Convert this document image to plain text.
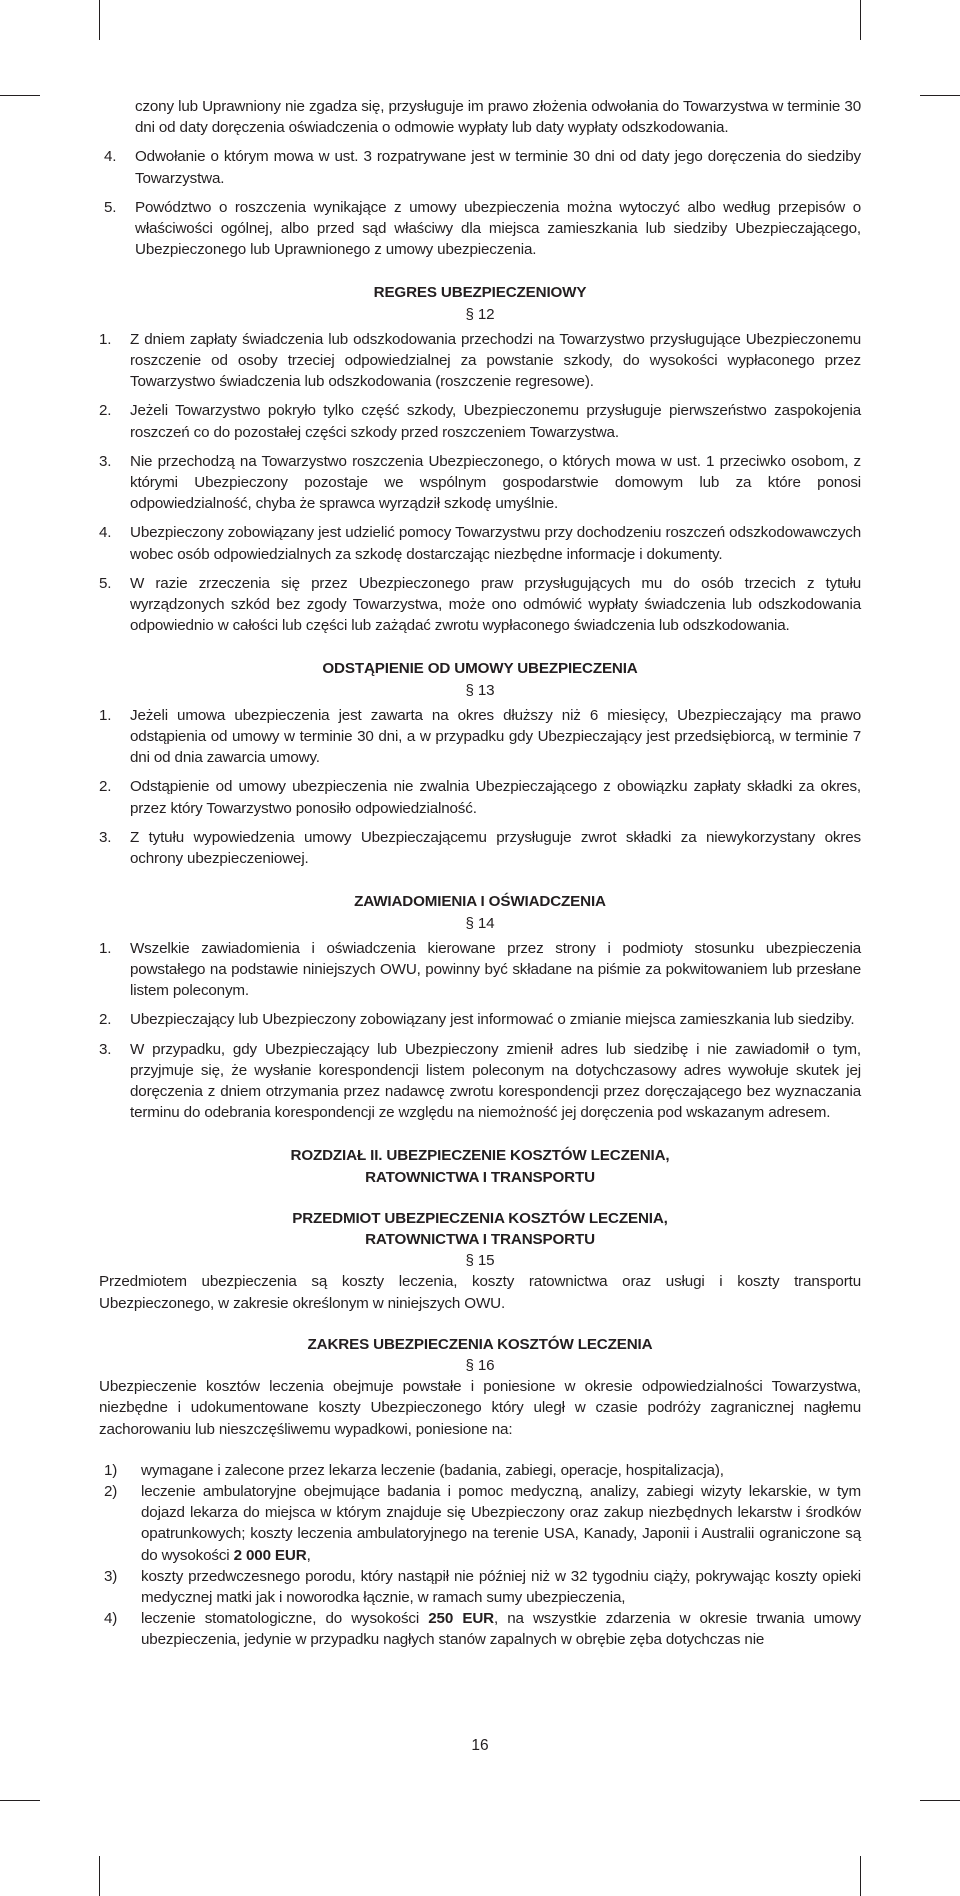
czony lub Uprawniony nie zgadza się, przysługuje im prawo złożenia odwołania do Towarzystwa w terminie 30 dni od daty doręczenia oświadczenia o odmowie wypłaty lub daty wypłaty odszkodowania.

4.	Odwołanie o którym mowa w ust. 3 rozpatrywane jest w terminie 30 dni od daty jego doręczenia do siedziby Towarzystwa.
5.	Powództwo o roszczenia wynikające z umowy ubezpieczenia można wytoczyć albo według przepisów o właściwości ogólnej, albo przed sąd właściwy dla miejsca zamieszkania lub siedziby Ubezpieczającego, Ubezpieczonego lub Uprawnionego z umowy ubezpieczenia.

REGRES UBEZPIECZENIOWY

§ 12

1.	Z dniem zapłaty świadczenia lub odszkodowania przechodzi na Towarzystwo przysługujące Ubezpieczonemu roszczenie od osoby trzeciej odpowiedzialnej za powstanie szkody, do wysokości wypłaconego przez Towarzystwo świadczenia lub odszkodowania (roszczenie regresowe).
2.	Jeżeli Towarzystwo pokryło tylko część szkody, Ubezpieczonemu przysługuje pierwszeństwo zaspokojenia roszczeń co do pozostałej części szkody przed roszczeniem Towarzystwa.
3.	Nie przechodzą na Towarzystwo roszczenia Ubezpieczonego, o których mowa w ust. 1 przeciwko osobom, z którymi Ubezpieczony pozostaje we wspólnym gospodarstwie domowym lub za które ponosi odpowiedzialność, chyba że sprawca wyrządził szkodę umyślnie.
4.	Ubezpieczony zobowiązany jest udzielić pomocy Towarzystwu przy dochodzeniu roszczeń odszkodowawczych wobec osób odpowiedzialnych za szkodę dostarczając niezbędne informacje i dokumenty.
5.	W razie zrzeczenia się przez Ubezpieczonego praw przysługujących mu do osób trzecich z tytułu wyrządzonych szkód bez zgody Towarzystwa, może ono odmówić wypłaty świadczenia lub odszkodowania odpowiednio w całości lub części lub zażądać zwrotu wypłaconego świadczenia lub odszkodowania.

ODSTĄPIENIE OD UMOWY UBEZPIECZENIA

§ 13

1.	Jeżeli umowa ubezpieczenia jest zawarta na okres dłuższy niż 6 miesięcy, Ubezpieczający ma prawo odstąpienia od umowy w terminie 30 dni, a w przypadku gdy Ubezpieczający jest przedsiębiorcą, w terminie 7 dni od dnia zawarcia umowy.
2.	Odstąpienie od umowy ubezpieczenia nie zwalnia Ubezpieczającego z obowiązku zapłaty składki za okres, przez który Towarzystwo ponosiło odpowiedzialność.
3.	Z tytułu wypowiedzenia umowy Ubezpieczającemu przysługuje zwrot składki za niewykorzystany okres ochrony ubezpieczeniowej.

ZAWIADOMIENIA I OŚWIADCZENIA

§ 14

1.	Wszelkie zawiadomienia i oświadczenia kierowane przez strony i podmioty stosunku ubezpieczenia powstałego na podstawie niniejszych OWU, powinny być składane na piśmie za pokwitowaniem lub przesłane listem poleconym.
2.	Ubezpieczający lub Ubezpieczony zobowiązany jest informować o zmianie miejsca zamieszkania lub siedziby.
3.	W przypadku, gdy Ubezpieczający lub Ubezpieczony zmienił adres lub siedzibę i nie zawiadomił o tym, przyjmuje się, że wysłanie korespondencji listem poleconym na dotychczasowy adres wywołuje skutek jej doręczenia z dniem otrzymania przez nadawcę zwrotu korespondencji przez doręczającego bez wyznaczania terminu do odebrania korespondencji ze względu na niemożność jej doręczenia pod wskazanym adresem.

ROZDZIAŁ II. UBEZPIECZENIE KOSZTÓW LECZENIA,

RATOWNICTWA I TRANSPORTU

PRZEDMIOT UBEZPIECZENIA KOSZTÓW LECZENIA,

RATOWNICTWA I TRANSPORTU

§ 15

Przedmiotem ubezpieczenia są koszty leczenia, koszty ratownictwa oraz usługi i koszty transportu Ubezpieczonego, w zakresie określonym w niniejszych OWU.

ZAKRES UBEZPIECZENIA KOSZTÓW LECZENIA

§ 16

Ubezpieczenie kosztów leczenia obejmuje powstałe i poniesione w okresie odpowiedzialności Towarzystwa, niezbędne i udokumentowane koszty Ubezpieczonego który uległ w czasie podróży zagranicznej nagłemu zachorowaniu lub nieszczęśliwemu wypadkowi, poniesione na:

1)	wymagane i zalecone przez lekarza leczenie (badania, zabiegi, operacje, hospitalizacja),
2)	leczenie ambulatoryjne obejmujące badania i pomoc medyczną, analizy, zabiegi wizyty lekarskie, w tym dojazd lekarza do miejsca w którym znajduje się Ubezpieczony oraz zakup niezbędnych lekarstw i środków opatrunkowych; koszty leczenia ambulatoryjnego na terenie USA, Kanady, Japonii i Australii ograniczone są do wysokości 2 000 EUR,
3)	koszty przedwczesnego porodu, który nastąpił nie później niż w 32 tygodniu ciąży, pokrywając koszty opieki medycznej matki jak i noworodka łącznie, w ramach sumy ubezpieczenia,
4)	leczenie stomatologiczne, do wysokości 250 EUR, na wszystkie zdarzenia w okresie trwania umowy ubezpieczenia, jedynie w przypadku nagłych stanów zapalnych w obrębie zęba dotychczas nie
16
